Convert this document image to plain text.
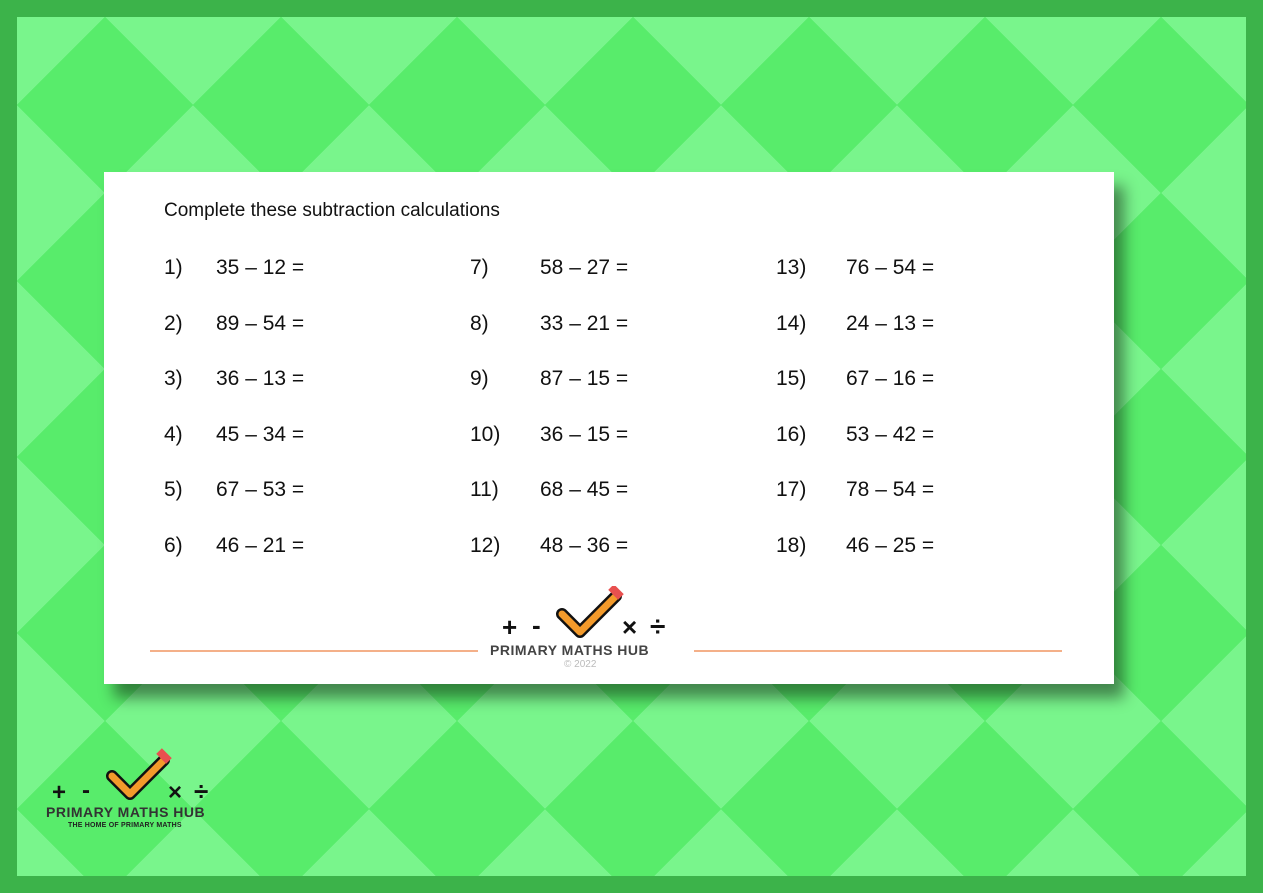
Complete these subtraction calculations
1) 35 – 12 =
2) 89 – 54 =
3) 36 – 13 =
4) 45 – 34 =
5) 67 – 53 =
6) 46 – 21 =
7) 58 – 27 =
8) 33 – 21 =
9) 87 – 15 =
10) 36 – 15 =
11) 68 – 45 =
12) 48 – 36 =
13) 76 – 54 =
14) 24 – 13 =
15) 67 – 16 =
16) 53 – 42 =
17) 78 – 54 =
18) 46 – 25 =
+ -	× ÷
PRIMARY MATHS HUB
© 2022
+ -	× ÷
PRIMARY MATHS HUB
THE HOME OF PRIMARY MATHS
